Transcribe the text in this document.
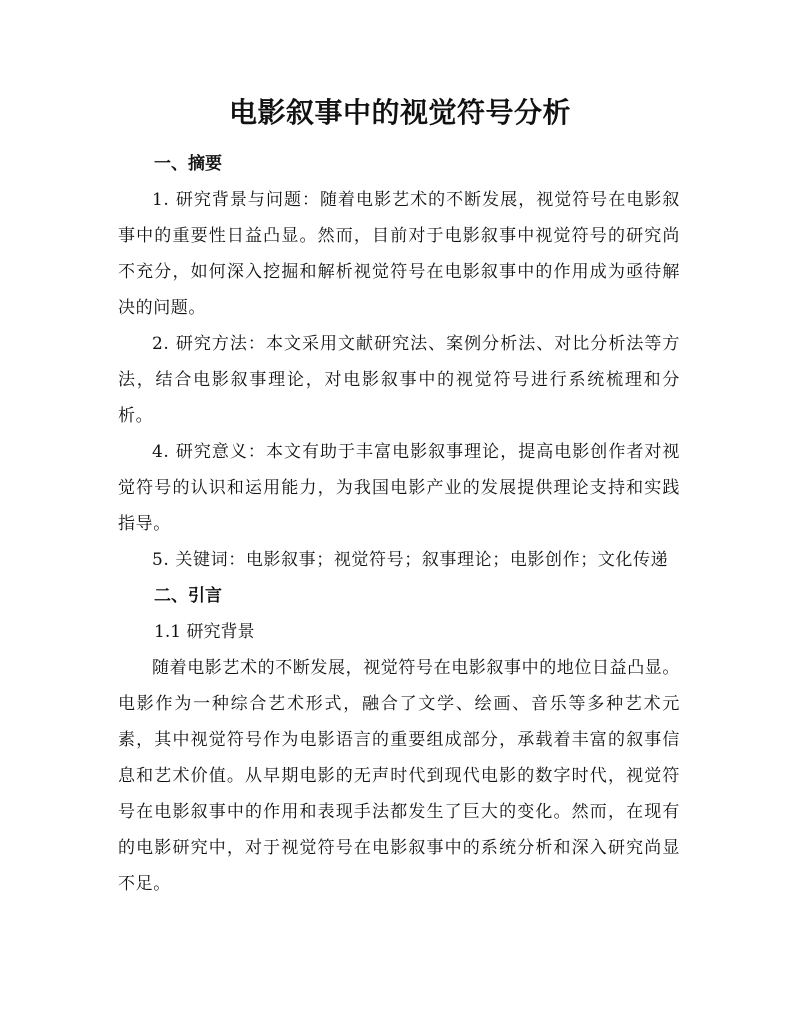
电影叙事中的视觉符号分析
一、摘要

1. 研究背景与问题：随着电影艺术的不断发展，视觉符号在电影叙事中的重要性日益凸显。然而，目前对于电影叙事中视觉符号的研究尚不充分，如何深入挖掘和解析视觉符号在电影叙事中的作用成为亟待解决的问题。

2. 研究方法：本文采用文献研究法、案例分析法、对比分析法等方法，结合电影叙事理论，对电影叙事中的视觉符号进行系统梳理和分析。

4. 研究意义：本文有助于丰富电影叙事理论，提高电影创作者对视觉符号的认识和运用能力，为我国电影产业的发展提供理论支持和实践指导。

5. 关键词：电影叙事；视觉符号；叙事理论；电影创作；文化传递

二、引言

1.1 研究背景

随着电影艺术的不断发展，视觉符号在电影叙事中的地位日益凸显。电影作为一种综合艺术形式，融合了文学、绘画、音乐等多种艺术元素，其中视觉符号作为电影语言的重要组成部分，承载着丰富的叙事信息和艺术价值。从早期电影的无声时代到现代电影的数字时代，视觉符号在电影叙事中的作用和表现手法都发生了巨大的变化。然而，在现有的电影研究中，对于视觉符号在电影叙事中的系统分析和深入研究尚显不足。
